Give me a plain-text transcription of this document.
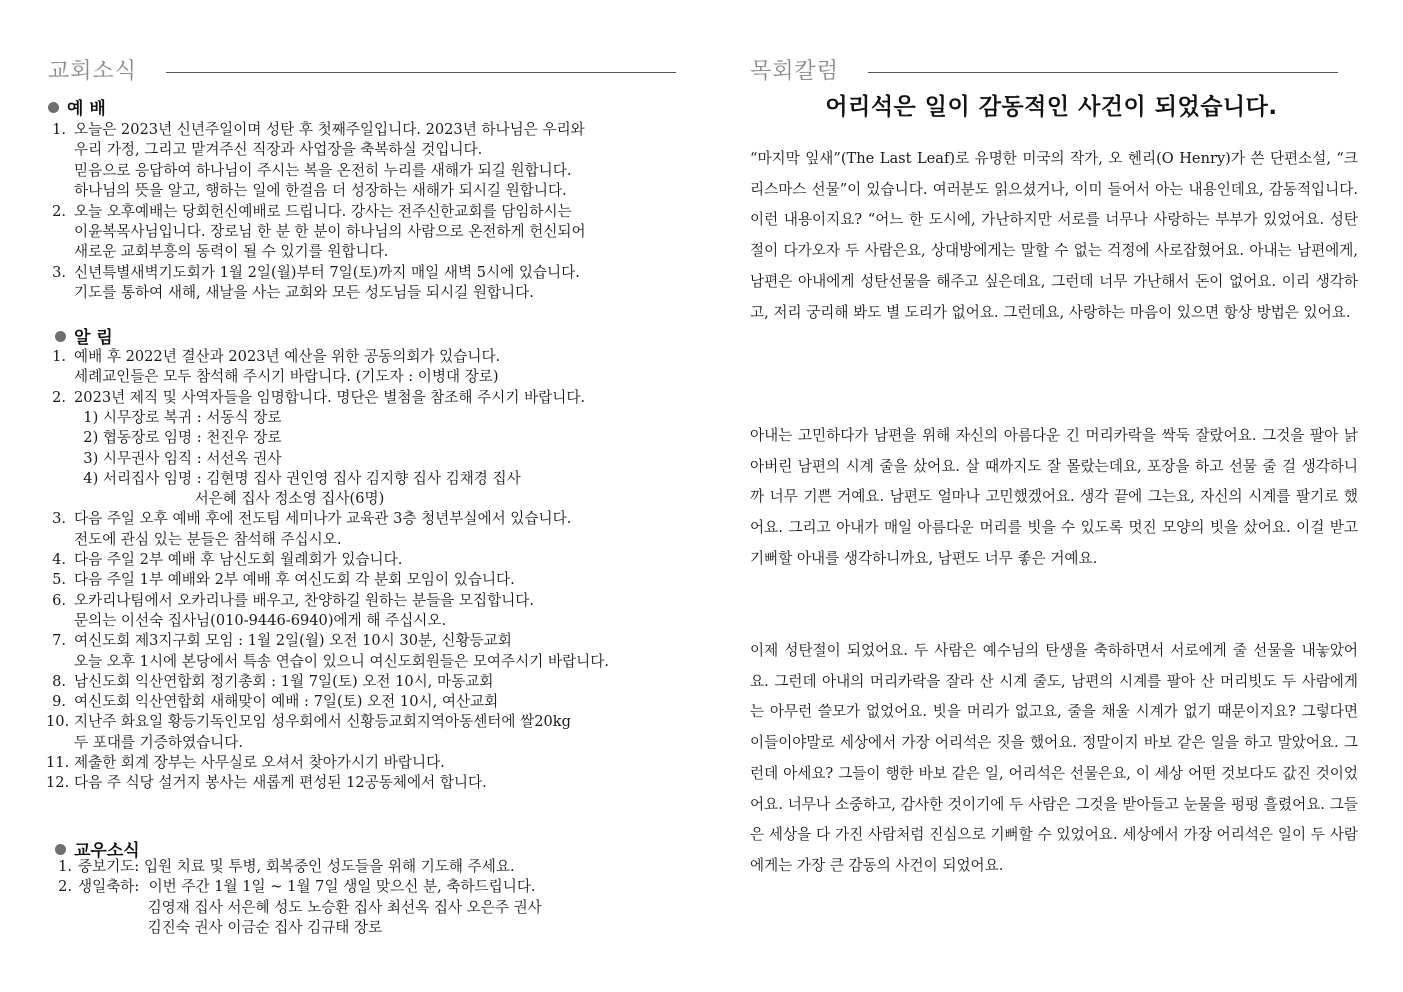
교회소식
예 배
1. 오늘은 2023년 신년주일이며 성탄 후 첫째주일입니다. 2023년 하나님은 우리와
우리 가정, 그리고 맡겨주신 직장과 사업장을 축복하실 것입니다.
믿음으로 응답하여 하나님이 주시는 복을 온전히 누리를 새해가 되길 원합니다.
하나님의 뜻을 알고, 행하는 일에 한걸음 더 성장하는 새해가 되시길 원합니다.
2. 오늘 오후예배는 당회헌신예배로 드립니다. 강사는 전주신한교회를 담임하시는
이윤복목사님입니다. 장로님 한 분 한 분이 하나님의 사람으로 온전하게 헌신되어
새로운 교회부흥의 동력이 될 수 있기를 원합니다.
3. 신년특별새벽기도회가 1월 2일(월)부터 7일(토)까지 매일 새벽 5시에 있습니다.
기도를 통하여 새해, 새날을 사는 교회와 모든 성도님들 되시길 원합니다.
알 림
1. 예배 후 2022년 결산과 2023년 예산을 위한 공동의회가 있습니다.
세례교인들은 모두 참석해 주시기 바랍니다. (기도자 : 이병대 장로)
2. 2023년 제직 및 사역자들을 임명합니다. 명단은 별첨을 참조해 주시기 바랍니다.
1) 시무장로 복귀 : 서동식 장로
2) 협동장로 임명 : 천진우 장로
3) 시무권사 임직 : 서선옥 권사
4) 서리집사 임명 : 김현명 집사 권인영 집사 김지향 집사 김채경 집사
서은혜 집사 정소영 집사(6명)
3. 다음 주일 오후 예배 후에 전도팀 세미나가 교육관 3층 청년부실에서 있습니다.
전도에 관심 있는 분들은 참석해 주십시오.
4. 다음 주일 2부 예배 후 남신도회 월례회가 있습니다.
5. 다음 주일 1부 예배와 2부 예배 후 여신도회 각 분회 모임이 있습니다.
6. 오카리나팀에서 오카리나를 배우고, 찬양하길 원하는 분들을 모집합니다.
문의는 이선숙 집사님(010-9446-6940)에게 해 주십시오.
7. 여신도회 제3지구회 모임 : 1월 2일(월) 오전 10시 30분, 신황등교회
오늘 오후 1시에 본당에서 특송 연습이 있으니 여신도회원들은 모여주시기 바랍니다.
8. 남신도회 익산연합회 정기총회 : 1월 7일(토) 오전 10시, 마동교회
9. 여신도회 익산연합회 새해맞이 예배 : 7일(토) 오전 10시, 여산교회
10. 지난주 화요일 황등기독인모임 성우회에서 신황등교회지역아동센터에 쌀20kg
두 포대를 기증하였습니다.
11. 제출한 회계 장부는 사무실로 오셔서 찾아가시기 바랍니다.
12. 다음 주 식당 설거지 봉사는 새롭게 편성된 12공동체에서 합니다.
교우소식
1. 중보기도: 입원 치료 및 투병, 회복중인 성도들을 위해 기도해 주세요.
2. 생일축하:  이번 주간 1월 1일 ~ 1월 7일 생일 맞으신 분, 축하드립니다.
김영재 집사 서은혜 성도 노승환 집사 최선옥 집사 오은주 권사
김진숙 권사 이금순 집사 김규태 장로
목회칼럼
어리석은 일이 감동적인 사건이 되었습니다.

“마지막 잎새”(The Last Leaf)로 유명한 미국의 작가, 오 헨리(O Henry)가 쓴 단편소설, “크리스마스 선물”이 있습니다. 여러분도 읽으셨거나, 이미 들어서 아는 내용인데요, 감동적입니다. 이런 내용이지요? “어느 한 도시에, 가난하지만 서로를 너무나 사랑하는 부부가 있었어요. 성탄절이 다가오자 두 사람은요, 상대방에게는 말할 수 없는 걱정에 사로잡혔어요. 아내는 남편에게, 남편은 아내에게 성탄선물을 해주고 싶은데요, 그런데 너무 가난해서 돈이 없어요. 이리 생각하고, 저리 궁리해 봐도 별 도리가 없어요. 그런데요, 사랑하는 마음이 있으면 항상 방법은 있어요.

아내는 고민하다가 남편을 위해 자신의 아름다운 긴 머리카락을 싹둑 잘랐어요. 그것을 팔아 낡아버린 남편의 시계 줄을 샀어요. 살 때까지도 잘 몰랐는데요, 포장을 하고 선물 줄 걸 생각하니까 너무 기쁜 거예요. 남편도 얼마나 고민했겠어요. 생각 끝에 그는요, 자신의 시계를 팔기로 했어요. 그리고 아내가 매일 아름다운 머리를 빗을 수 있도록 멋진 모양의 빗을 샀어요. 이걸 받고 기뻐할 아내를 생각하니까요, 남편도 너무 좋은 거예요.

이제 성탄절이 되었어요. 두 사람은 예수님의 탄생을 축하하면서 서로에게 줄 선물을 내놓았어요. 그런데 아내의 머리카락을 잘라 산 시계 줄도, 남편의 시계를 팔아 산 머리빗도 두 사람에게는 아무런 쓸모가 없었어요. 빗을 머리가 없고요, 줄을 채울 시계가 없기 때문이지요? 그렇다면 이들이야말로 세상에서 가장 어리석은 짓을 했어요. 정말이지 바보 같은 일을 하고 말았어요. 그런데 아세요? 그들이 행한 바보 같은 일, 어리석은 선물은요, 이 세상 어떤 것보다도 값진 것이었어요. 너무나 소중하고, 감사한 것이기에 두 사람은 그것을 받아들고 눈물을 펑펑 흘렸어요. 그들은 세상을 다 가진 사람처럼 진심으로 기뻐할 수 있었어요. 세상에서 가장 어리석은 일이 두 사람에게는 가장 큰 감동의 사건이 되었어요.
